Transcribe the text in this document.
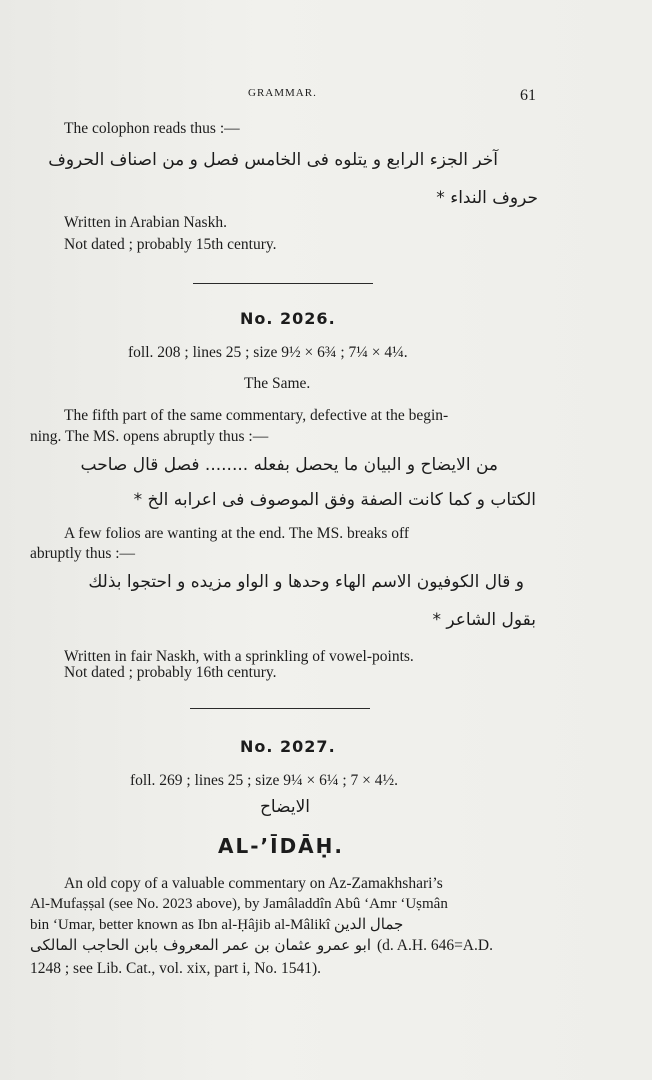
GRAMMAR.	61
The colophon reads thus :—
آخر الجزء الرابع و يتلوه فى الخامس فصل و من اصناف الحروف
حروف النداء *
Written in Arabian Naskh.
Not dated ; probably 15th century.
No. 2026.
foll. 208 ; lines 25 ; size 9½ × 6¾ ; 7¼ × 4¼.
The Same.
The fifth part of the same commentary, defective at the begin-
ning. The MS. opens abruptly thus :—
من الايضاح و البيان ما يحصل بفعله ........ فصل قال صاحب
الكتاب و كما كانت الصفة وفق الموصوف فى اعرابه الخ *
A few folios are wanting at the end. The MS. breaks off
abruptly thus :—
و قال الكوفيون الاسم الهاء وحدها و الواو مزيده و احتجوا بذلك
بقول الشاعر *
Written in fair Naskh, with a sprinkling of vowel-points.
Not dated ; probably 16th century.
No. 2027.
foll. 269 ; lines 25 ; size 9¼ × 6¼ ; 7 × 4½.
الايضاح
AL-’ĪDĀḤ.
An old copy of a valuable commentary on Az-Zamakhshari’s
Al-Mufaṣṣal (see No. 2023 above), by Jamâladdîn Abû ‘Amr ‘Uṣmân
bin ‘Umar, better known as Ibn al-Ḥâjib al-Mâlikî جمال الدين
ابو عمرو عثمان بن عمر المعروف بابن الحاجب المالكى (d. A.H. 646=A.D.
1248 ; see Lib. Cat., vol. xix, part i, No. 1541).
